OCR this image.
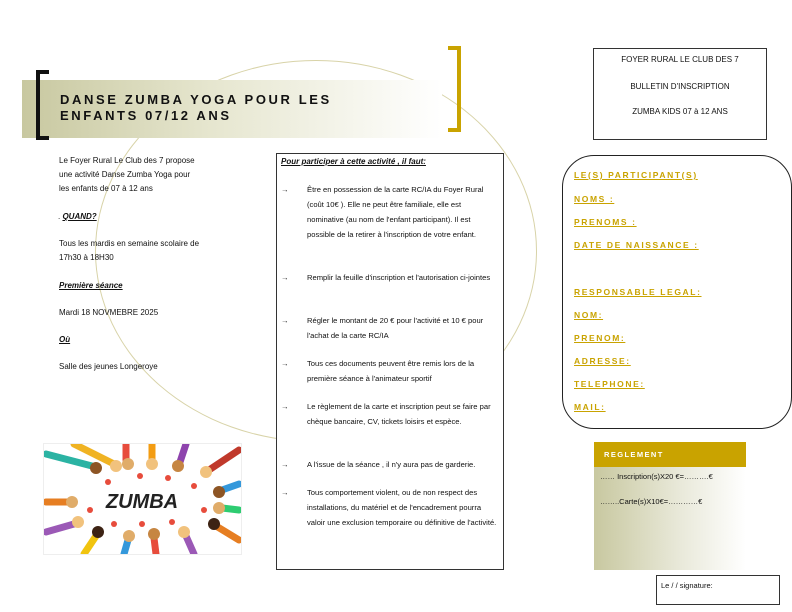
DANSE ZUMBA YOGA POUR LES
ENFANTS 07/12 ANS
FOYER RURAL LE CLUB DES 7
BULLETIN D'INSCRIPTION
ZUMBA KIDS 07 à 12 ANS
Le Foyer Rural Le Club des 7 propose
une activité Danse Zumba Yoga pour
les enfants de 07 à 12 ans
. QUAND?
Tous les mardis en semaine scolaire de
17h30 à 18H30
Première séance
Mardi 18 NOVMEBRE 2025
Où
Salle des jeunes Longeroye
ZUMBA
Pour participer à cette activité , il faut:
→ Être en possession de la carte RC/IA du Foyer Rural (coût 10€ ). Elle ne peut être familiale, elle est nominative (au nom de l'enfant participant). Il est possible de la retirer à l'inscription de votre enfant.
→ Remplir la feuille d'inscription et l'autorisation ci-jointes
→ Régler le montant de 20 € pour l'activité et 10 € pour l'achat de la carte RC/IA
→ Tous ces documents peuvent être remis lors de la première séance à l'animateur sportif
→ Le règlement de la carte et inscription peut se faire par chèque bancaire, CV, tickets loisirs et espèce.
→ A l'issue de la séance , il n'y aura pas de garderie.
→ Tous comportement violent, ou de non respect des installations, du matériel et de l'encadrement pourra valoir une exclusion temporaire ou définitive de l'activité.
LE(S) PARTICIPANT(S)
NOMS :
PRENOMS :
DATE DE NAISSANCE :
RESPONSABLE LEGAL:
NOM:
PRENOM:
ADRESSE:
TELEPHONE:
MAIL:
REGLEMENT
…… Inscription(s)X20 €=……….€
……..Carte(s)X10€=…………€
Le / / signature:
